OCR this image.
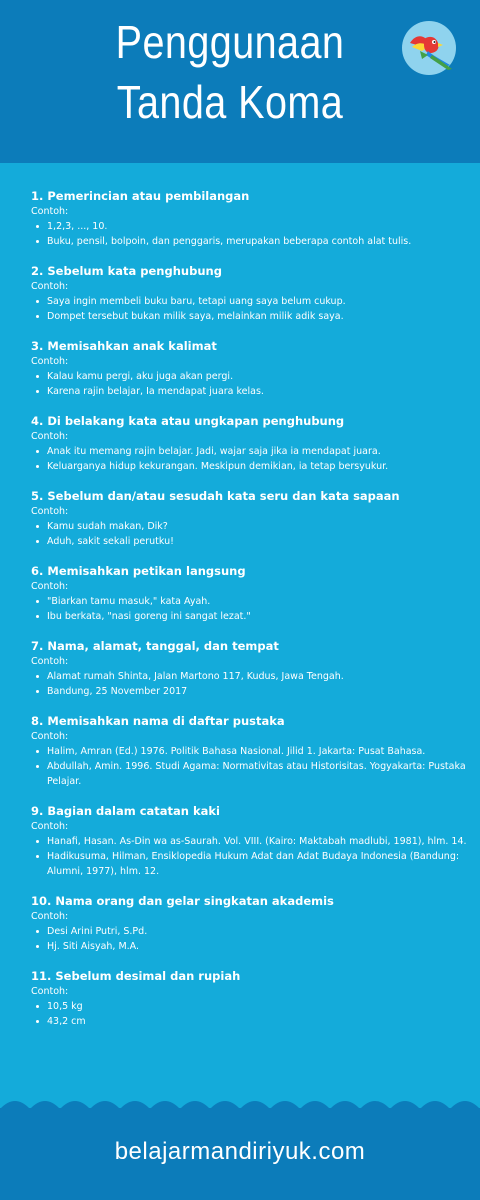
Penggunaan
Tanda Koma
1. Pemerincian atau pembilangan
Contoh:
1,2,3, ..., 10.
Buku, pensil, bolpoin, dan penggaris, merupakan beberapa contoh alat tulis.
2. Sebelum kata penghubung
Contoh:
Saya ingin membeli buku baru, tetapi uang saya belum cukup.
Dompet tersebut bukan milik saya, melainkan milik adik saya.
3. Memisahkan anak kalimat
Contoh:
Kalau kamu pergi, aku juga akan pergi.
Karena rajin belajar, Ia mendapat juara kelas.
4. Di belakang kata atau ungkapan penghubung
Contoh:
Anak itu memang rajin belajar. Jadi, wajar saja jika ia mendapat juara.
Keluarganya hidup kekurangan. Meskipun demikian, ia tetap bersyukur.
5. Sebelum dan/atau sesudah kata seru dan kata sapaan
Contoh:
Kamu sudah makan, Dik?
Aduh, sakit sekali perutku!
6. Memisahkan petikan langsung
Contoh:
"Biarkan tamu masuk," kata Ayah.
Ibu berkata, "nasi goreng ini sangat lezat."
7. Nama, alamat, tanggal, dan tempat
Contoh:
Alamat rumah Shinta, Jalan Martono 117, Kudus, Jawa Tengah.
Bandung, 25 November 2017
8. Memisahkan nama di daftar pustaka
Contoh:
Halim, Amran (Ed.) 1976. Politik Bahasa Nasional. Jilid 1. Jakarta: Pusat Bahasa.
Abdullah, Amin. 1996. Studi Agama: Normativitas atau Historisitas. Yogyakarta: Pustaka Pelajar.
9. Bagian dalam catatan kaki
Contoh:
Hanafi, Hasan. As-Din wa as-Saurah. Vol. VIII. (Kairo: Maktabah madlubi, 1981), hlm. 14.
Hadikusuma, Hilman, Ensiklopedia Hukum Adat dan Adat Budaya Indonesia (Bandung: Alumni, 1977), hlm. 12.
10. Nama orang dan gelar singkatan akademis
Contoh:
Desi Arini Putri, S.Pd.
Hj. Siti Aisyah, M.A.
11. Sebelum desimal dan rupiah
Contoh:
10,5 kg
43,2 cm
belajarmandiriyuk.com
